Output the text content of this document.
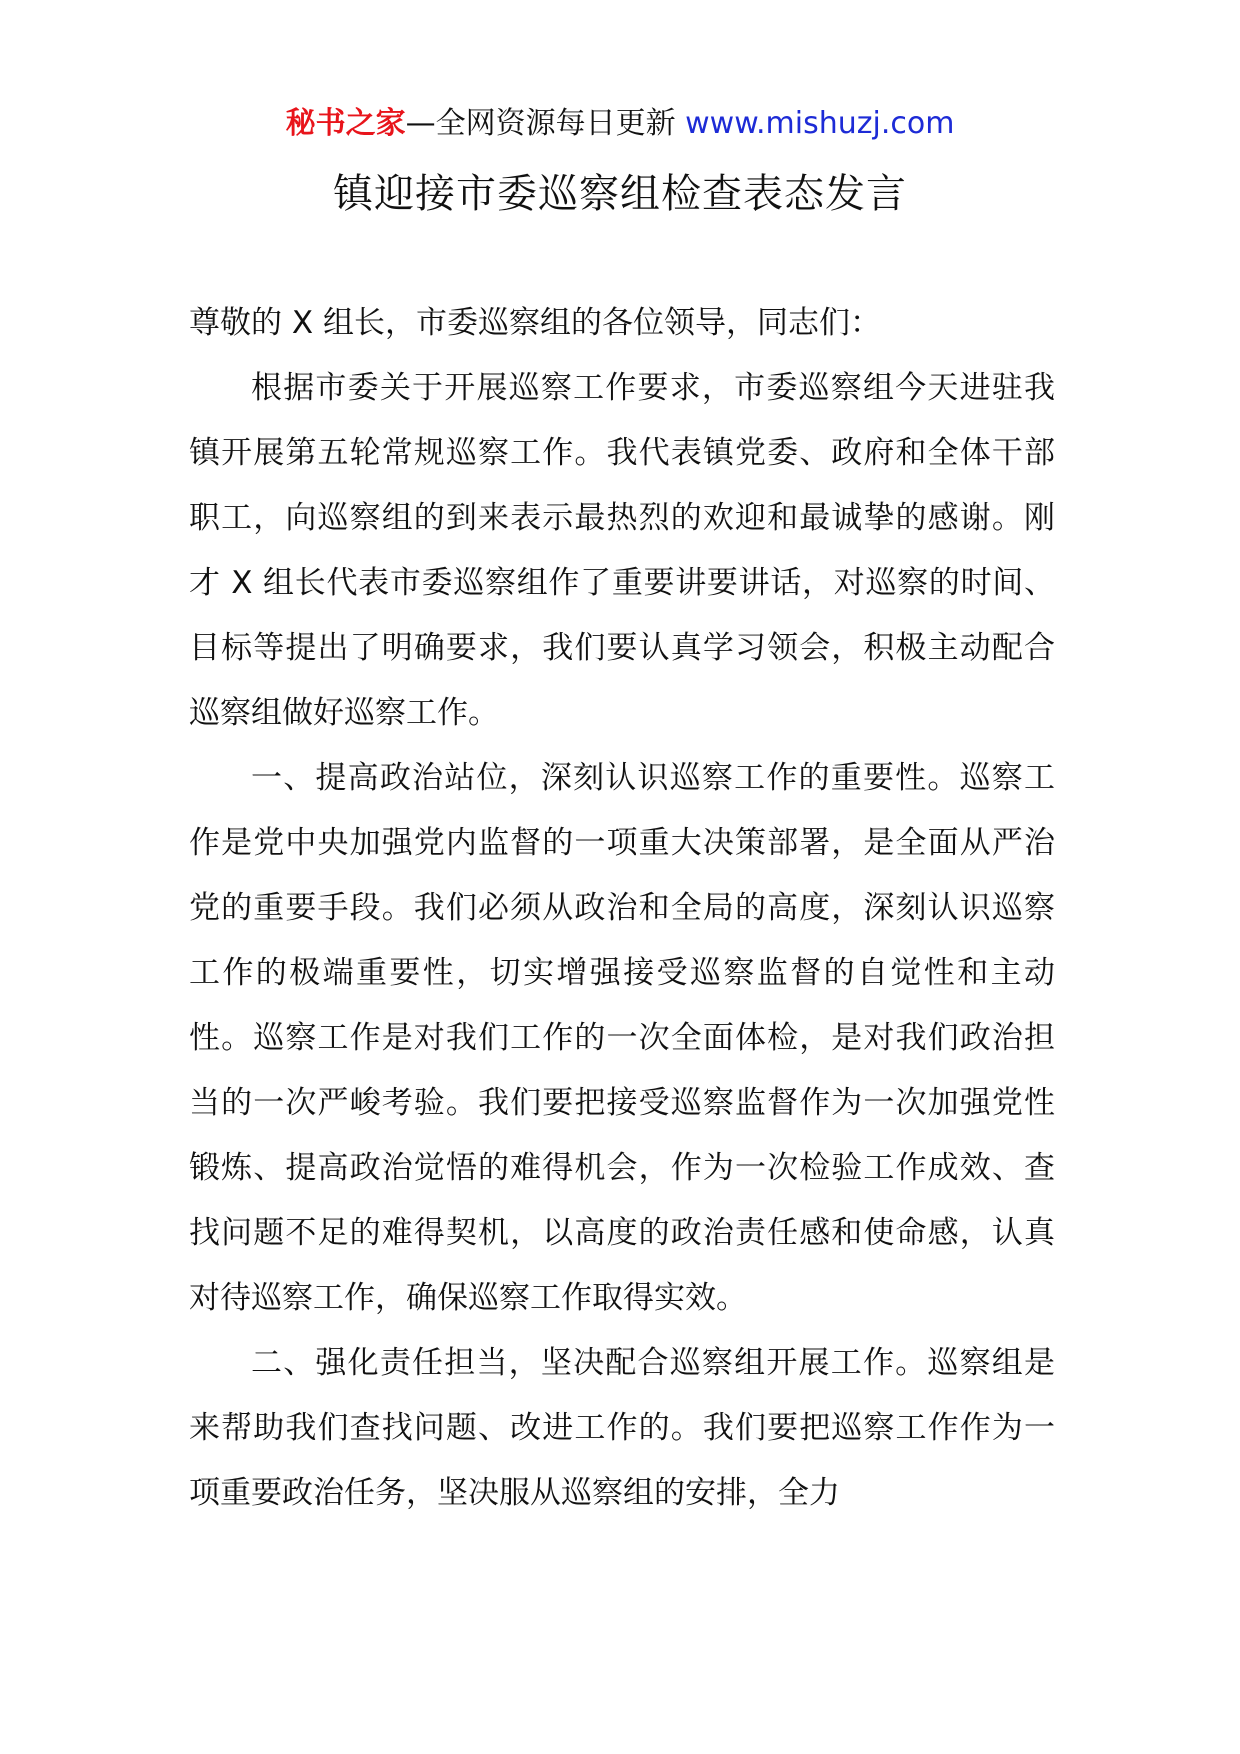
秘书之家—全网资源每日更新 www.mishuzj.com
镇迎接市委巡察组检查表态发言

尊敬的 X 组长，市委巡察组的各位领导，同志们：

根据市委关于开展巡察工作要求，市委巡察组今天进驻我镇开展第五轮常规巡察工作。我代表镇党委、政府和全体干部职工，向巡察组的到来表示最热烈的欢迎和最诚挚的感谢。刚才 X 组长代表市委巡察组作了重要讲要讲话，对巡察的时间、目标等提出了明确要求，我们要认真学习领会，积极主动配合巡察组做好巡察工作。

一、提高政治站位，深刻认识巡察工作的重要性。巡察工作是党中央加强党内监督的一项重大决策部署，是全面从严治党的重要手段。我们必须从政治和全局的高度，深刻认识巡察工作的极端重要性，切实增强接受巡察监督的自觉性和主动性。巡察工作是对我们工作的一次全面体检，是对我们政治担当的一次严峻考验。我们要把接受巡察监督作为一次加强党性锻炼、提高政治觉悟的难得机会，作为一次检验工作成效、查找问题不足的难得契机，以高度的政治责任感和使命感，认真对待巡察工作，确保巡察工作取得实效。

二、强化责任担当，坚决配合巡察组开展工作。巡察组是来帮助我们查找问题、改进工作的。我们要把巡察工作作为一项重要政治任务，坚决服从巡察组的安排，全力
